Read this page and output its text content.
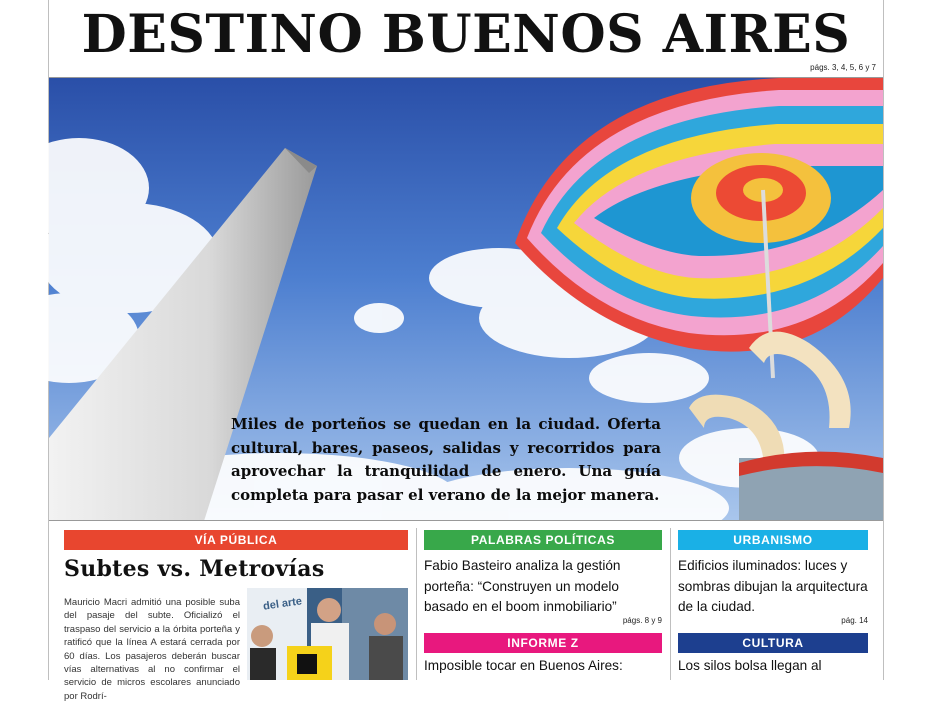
DESTINO BUENOS AIRES
págs. 3, 4, 5, 6 y 7
Miles de porteños se quedan en la ciudad. Oferta cultural, bares, paseos, salidas y recorridos para aprovechar la tranquilidad de enero. Una guía completa para pasar el verano de la mejor manera.
VÍA PÚBLICA
Subtes vs. Metrovías
Mauricio Macri admitió una posible suba del pasaje del subte. Oficializó el traspaso del servicio a la órbita porteña y ratificó que la línea A estará cerrada por 60 días. Los pasajeros deberán buscar vías alternativas al no confirmar el servicio de micros escolares anunciado por Rodrí-
del arte
PALABRAS POLÍTICAS
Fabio Basteiro analiza la gestión porteña: “Construyen un modelo basado en el boom inmobiliario”
págs. 8 y 9
INFORME Z
Imposible tocar en Buenos Aires:
URBANISMO
Edificios iluminados: luces y sombras dibujan la arquitectura de la ciudad.
pág. 14
CULTURA
Los silos bolsa llegan al
